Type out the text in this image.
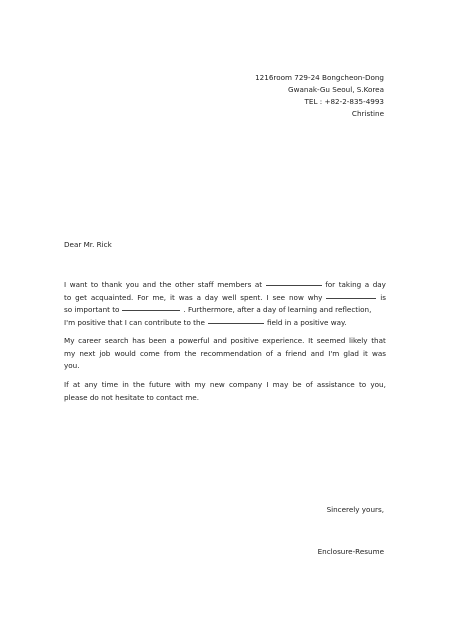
1216room 729-24 Bongcheon-Dong
Gwanak-Gu Seoul, S.Korea
TEL : +82-2-835-4993
Christine
Dear Mr. Rick
I want to thank you and the other staff members at	for taking a day
to get acquainted. For me, it was a day well spent. I see now why	is
so important to	. Furthermore, after a day of learning and reflection,
I'm positive that I can contribute to the	field in a positive way.
My career search has been a powerful and positive experience. It seemed likely that
my next job would come from the recommendation of a friend and I'm glad it was
you.
If at any time in the future with my new company I may be of assistance to you,
please do not hesitate to contact me.
Sincerely yours,
Enclosure-Resume
